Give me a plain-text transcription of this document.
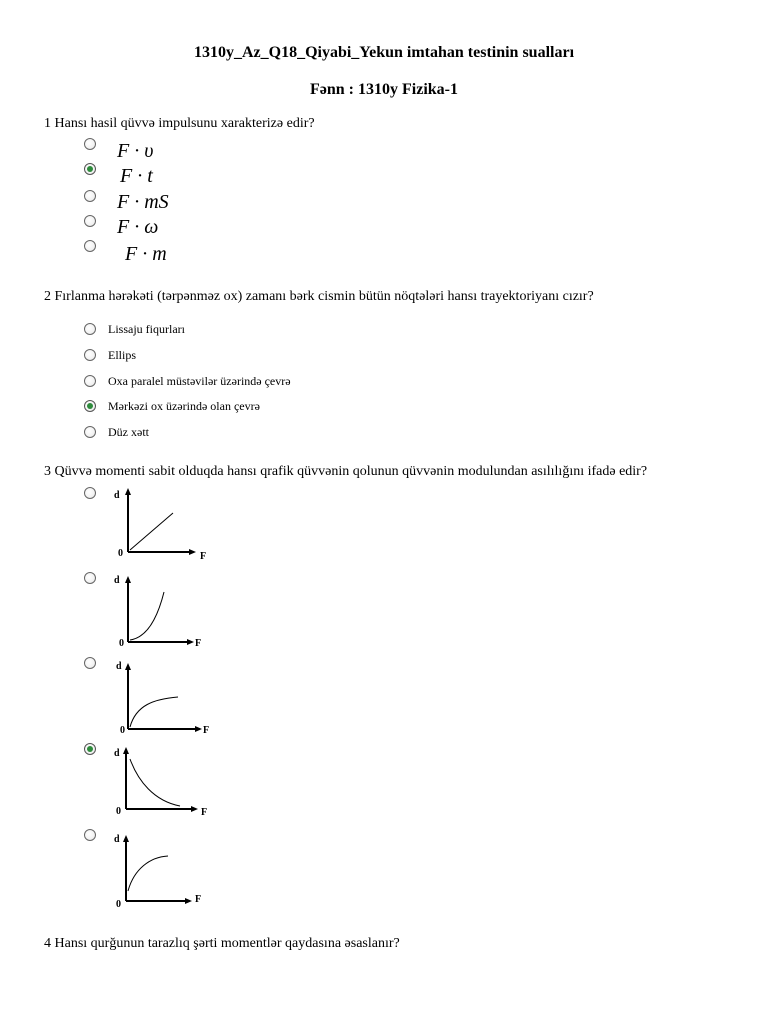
1310y_Az_Q18_Qiyabi_Yekun imtahan testinin sualları
Fənn : 1310y Fizika-1
1 Hansı hasil qüvvə impulsunu xarakterizə edir?
F · υ
F · t
F · mS
F · ω
F · m
2 Fırlanma hərəkəti (tərpənməz ox) zamanı bərk cismin bütün nöqtələri hansı trayektoriyanı cızır?
Lissaju fiqurları
Ellips
Oxa paralel müstəvilər üzərində çevrə
Mərkəzi ox üzərində olan çevrə
Düz xətt
3 Qüvvə momenti sabit olduqda hansı qrafik qüvvənin qolunun qüvvənin modulundan asılılığını ifadə edir?
d
0	F
d
0	F
d
0	F
d
0	F
d
0	F
4 Hansı qurğunun tarazlıq şərti momentlər qaydasına əsaslanır?
